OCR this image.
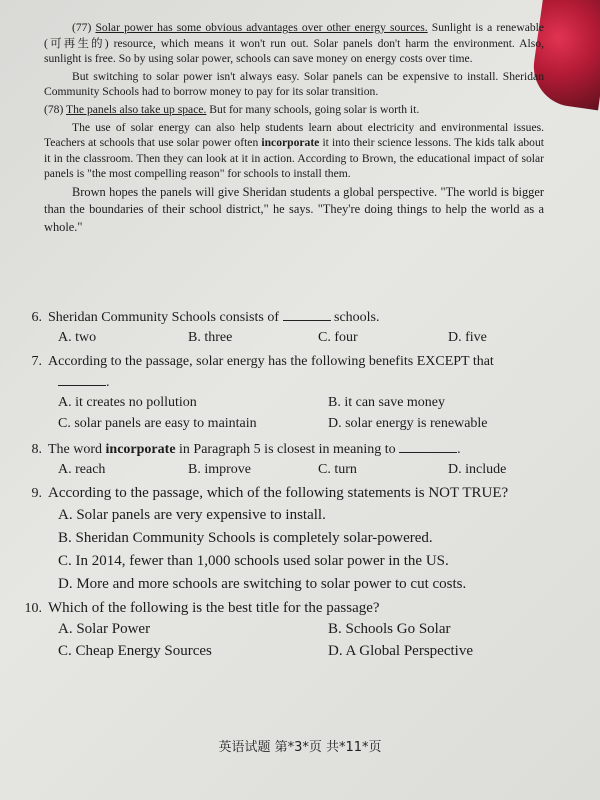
(77) Solar power has some obvious advantages over other energy sources. Sunlight is a renewable (可再生的) resource, which means it won't run out. Solar panels don't harm the environment. Also, sunlight is free. So by using solar power, schools can save money on energy costs over time.

But switching to solar power isn't always easy. Solar panels can be expensive to install. Sheridan Community Schools had to borrow money to pay for its solar transition.

(78) The panels also take up space. But for many schools, going solar is worth it.

The use of solar energy can also help students learn about electricity and environmental issues. Teachers at schools that use solar power often incorporate it into their science lessons. The kids talk about it in the classroom. Then they can look at it in action. According to Brown, the educational impact of solar panels is "the most compelling reason" for schools to install them.

Brown hopes the panels will give Sheridan students a global perspective. "The world is bigger than the boundaries of their school district," he says. "They're doing things to help the world as a whole."

6. Sheridan Community Schools consists of	schools.
A. two	B. three	C. four	D. five
7. According to the passage, solar energy has the following benefits EXCEPT that
.
A. it creates no pollution	B. it can save money
C. solar panels are easy to maintain	D. solar energy is renewable
8. The word incorporate in Paragraph 5 is closest in meaning to	.
A. reach	B. improve	C. turn	D. include
9. According to the passage, which of the following statements is NOT TRUE?
A. Solar panels are very expensive to install.
B. Sheridan Community Schools is completely solar-powered.
C. In 2014, fewer than 1,000 schools used solar power in the US.
D. More and more schools are switching to solar power to cut costs.
10. Which of the following is the best title for the passage?
A. Solar Power	B. Schools Go Solar
C. Cheap Energy Sources	D. A Global Perspective
英语试题 第*3*页 共*11*页
